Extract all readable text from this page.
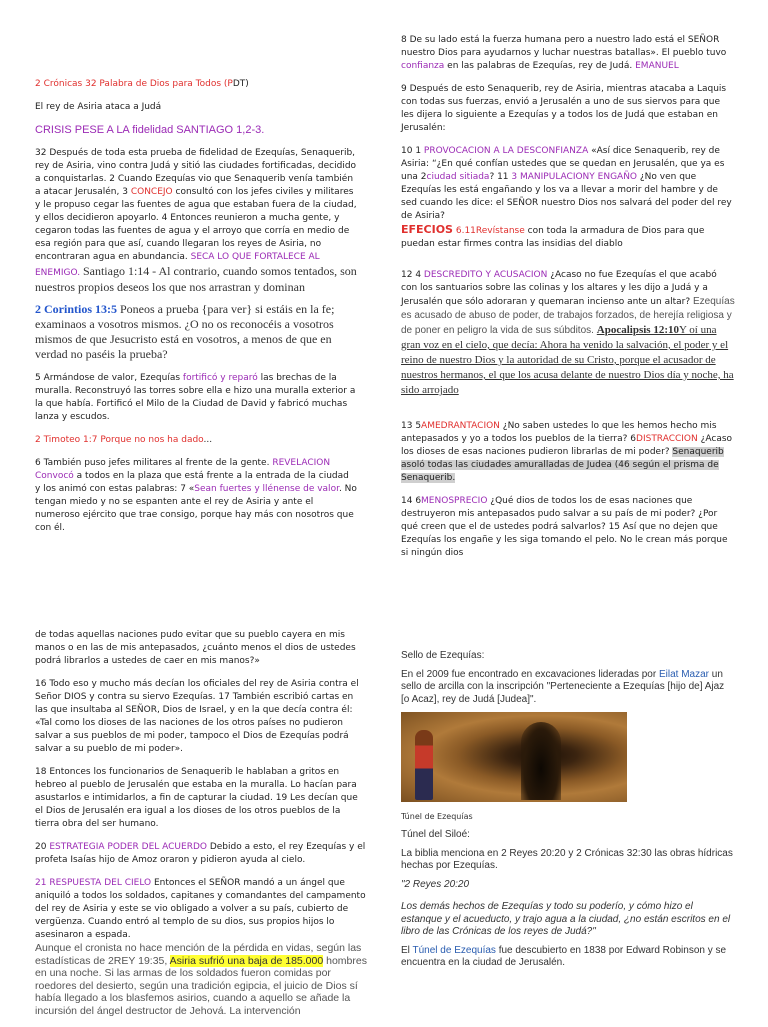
2 Crónicas 32 Palabra de Dios para Todos (PDT)

El rey de Asiria ataca a Judá

CRISIS PESE A LA fidelidad SANTIAGO 1,2-3.

32 Después de toda esta prueba de fidelidad de Ezequías, Senaquerib, rey de Asiria, vino contra Judá y sitió las ciudades fortificadas, decidido a conquistarlas. 2 Cuando Ezequías vio que Senaquerib venía también a atacar Jerusalén, 3 CONCEJO consultó con los jefes civiles y militares y le propuso cegar las fuentes de agua que estaban fuera de la ciudad, y ellos decidieron apoyarlo. 4 Entonces reunieron a mucha gente, y cegaron todas las fuentes de agua y el arroyo que corría en medio de esa región para que así, cuando llegaran los reyes de Asiria, no encontraran agua en abundancia. SECA LO QUE FORTALECE AL ENEMIGO. Santiago 1:14 - Al contrario, cuando somos tentados, son nuestros propios deseos los que nos arrastran y dominan

2 Corintios 13:5 Poneos a prueba {para ver} si estáis en la fe; examinaos a vosotros mismos. ¿O no os reconocéis a vosotros mismos de que Jesucristo está en vosotros, a menos de que en verdad no paséis la prueba?

5 Armándose de valor, Ezequías fortificó y reparó las brechas de la muralla. Reconstruyó las torres sobre ella e hizo una muralla exterior a la que había. Fortificó el Milo de la Ciudad de David y fabricó muchas lanza y escudos.

2 Timoteo 1:7 Porque no nos ha dado...

6 También puso jefes militares al frente de la gente. REVELACION Convocó a todos en la plaza que está frente a la entrada de la ciudad y los animó con estas palabras: 7 «Sean fuertes y llénense de valor. No tengan miedo y no se espanten ante el rey de Asiria y ante el numeroso ejército que trae consigo, porque hay más con nosotros que con él.

8 De su lado está la fuerza humana pero a nuestro lado está el SEÑOR nuestro Dios para ayudarnos y luchar nuestras batallas». El pueblo tuvo confianza en las palabras de Ezequías, rey de Judá. EMANUEL

9 Después de esto Senaquerib, rey de Asiria, mientras atacaba a Laquis con todas sus fuerzas, envió a Jerusalén a uno de sus siervos para que les dijera lo siguiente a Ezequías y a todos los de Judá que estaban en Jerusalén:

10 1 PROVOCACION A LA DESCONFIANZA «Así dice Senaquerib, rey de Asiria: “¿En qué confían ustedes que se quedan en Jerusalén, que ya es una 2ciudad sitiada? 11 3 MANIPULACIONY ENGAÑO ¿No ven que Ezequías les está engañando y los va a llevar a morir del hambre y de sed cuando les dice: el SEÑOR nuestro Dios nos salvará del poder del rey de Asiria?

EFECIOS 6.11Revístanse con toda la armadura de Dios para que puedan estar firmes contra las insidias del diablo

12 4 DESCREDITO Y ACUSACION ¿Acaso no fue Ezequías el que acabó con los santuarios sobre las colinas y los altares y les dijo a Judá y a Jerusalén que sólo adoraran y quemaran incienso ante un altar? Ezequías es acusado de abuso de poder, de trabajos forzados, de herejía religiosa y de poner en peligro la vida de sus súbditos. Apocalipsis 12:10Y oí una gran voz en el cielo, que decía: Ahora ha venido la salvación, el poder y el reino de nuestro Dios y la autoridad de su Cristo, porque el acusador de nuestros hermanos, el que los acusa delante de nuestro Dios día y noche, ha sido arrojado

13 5AMEDRANTACION ¿No saben ustedes lo que les hemos hecho mis antepasados y yo a todos los pueblos de la tierra? 6DISTRACCION ¿Acaso los dioses de esas naciones pudieron librarlas de mi poder? Senaquerib asoló todas las ciudades amuralladas de Judea (46 según el prisma de Senaquerib.

14 6MENOSPRECIO ¿Qué dios de todos los de esas naciones que destruyeron mis antepasados pudo salvar a su país de mi poder? ¿Por qué creen que el de ustedes podrá salvarlos? 15 Así que no dejen que Ezequías los engañe y les siga tomando el pelo. No le crean más porque si ningún dios

de todas aquellas naciones pudo evitar que su pueblo cayera en mis manos o en las de mis antepasados, ¿cuánto menos el dios de ustedes podrá librarlos a ustedes de caer en mis manos?»

16 Todo eso y mucho más decían los oficiales del rey de Asiria contra el Señor DIOS y contra su siervo Ezequías. 17 También escribió cartas en las que insultaba al SEÑOR, Dios de Israel, y en la que decía contra él: «Tal como los dioses de las naciones de los otros países no pudieron salvar a sus pueblos de mi poder, tampoco el Dios de Ezequías podrá salvar a su pueblo de mi poder».

18 Entonces los funcionarios de Senaquerib le hablaban a gritos en hebreo al pueblo de Jerusalén que estaba en la muralla. Lo hacían para asustarlos e intimidarlos, a fin de capturar la ciudad. 19 Les decían que el Dios de Jerusalén era igual a los dioses de los otros pueblos de la tierra obra del ser humano.

20 ESTRATEGIA PODER DEL ACUERDO Debido a esto, el rey Ezequías y el profeta Isaías hijo de Amoz oraron y pidieron ayuda al cielo.

21 RESPUESTA DEL CIELO Entonces el SEÑOR mandó a un ángel que aniquiló a todos los soldados, capitanes y comandantes del campamento del rey de Asiria y este se vio obligado a volver a su país, cubierto de vergüenza. Cuando entró al templo de su dios, sus propios hijos lo asesinaron a espada.

Aunque el cronista no hace mención de la pérdida en vidas, según las estadísticas de 2REY 19:35, Asiria sufrió una baja de 185.000 hombres en una noche. Si las armas de los soldados fueron comidas por roedores del desierto, según una tradición egipcia, el juicio de Dios sí había llegado a los blasfemos asirios, cuando a aquello se añade la incursión del ángel destructor de Jehová. La intervención

Sello de Ezequías:

En el 2009 fue encontrado en excavaciones lideradas por Eilat Mazar un sello de arcilla con la inscripción "Perteneciente a Ezequías [hijo de] Ajaz [o Acaz], rey de Judá [Judea]".

Túnel de Ezequías

Túnel del Siloé:

La biblia menciona en 2 Reyes 20:20 y 2 Crónicas 32:30 las obras hídricas hechas por Ezequías.

"2 Reyes 20:20

Los demás hechos de Ezequías y todo su poderío, y cómo hizo el estanque y el acueducto, y trajo agua a la ciudad, ¿no están escritos en el libro de las Crónicas de los reyes de Judá?"

El Túnel de Ezequías fue descubierto en 1838 por Edward Robinson y se encuentra en la ciudad de Jerusalén.
